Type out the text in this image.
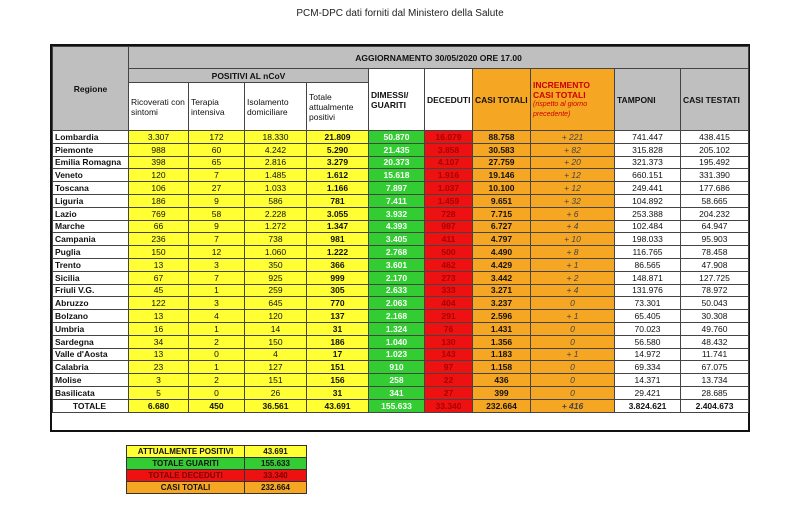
PCM-DPC dati forniti dal Ministero della Salute
Regione	AGGIORNAMENTO 30/05/2020 ORE 17.00									
	POSITIVI AL nCoV				DIMESSI/ GUARITI	DECEDUTI	CASI TOTALI	INCREMENTO CASI TOTALI
(rispetto al giorno precedente)	TAMPONI	CASI TESTATI
	Ricoverati con sintomi	Terapia intensiva	Isolamento domiciliare	Totale attualmente positivi						
Lombardia	3.307	172	18.330	21.809	50.870	16.079	88.758	+ 221	741.447	438.415
Piemonte	988	60	4.242	5.290	21.435	3.858	30.583	+ 82	315.828	205.102
Emilia Romagna	398	65	2.816	3.279	20.373	4.107	27.759	+ 20	321.373	195.492
Veneto	120	7	1.485	1.612	15.618	1.916	19.146	+ 12	660.151	331.390
Toscana	106	27	1.033	1.166	7.897	1.037	10.100	+ 12	249.441	177.686
Liguria	186	9	586	781	7.411	1.459	9.651	+ 32	104.892	58.665
Lazio	769	58	2.228	3.055	3.932	728	7.715	+ 6	253.388	204.232
Marche	66	9	1.272	1.347	4.393	987	6.727	+ 4	102.484	64.947
Campania	236	7	738	981	3.405	411	4.797	+ 10	198.033	95.903
Puglia	150	12	1.060	1.222	2.768	500	4.490	+ 8	116.765	78.458
Trento	13	3	350	366	3.601	462	4.429	+ 1	86.565	47.908
Sicilia	67	7	925	999	2.170	273	3.442	+ 2	148.871	127.725
Friuli V.G.	45	1	259	305	2.633	333	3.271	+ 4	131.976	78.972
Abruzzo	122	3	645	770	2.063	404	3.237	0	73.301	50.043
Bolzano	13	4	120	137	2.168	291	2.596	+ 1	65.405	30.308
Umbria	16	1	14	31	1.324	76	1.431	0	70.023	49.760
Sardegna	34	2	150	186	1.040	130	1.356	0	56.580	48.432
Valle d'Aosta	13	0	4	17	1.023	143	1.183	+ 1	14.972	11.741
Calabria	23	1	127	151	910	97	1.158	0	69.334	67.075
Molise	3	2	151	156	258	22	436	0	14.371	13.734
Basilicata	5	0	26	31	341	27	399	0	29.421	28.685
TOTALE	6.680	450	36.561	43.691	155.633	33.340	232.664	+ 416	3.824.621	2.404.673
ATTUALMENTE POSITIVI	43.691
TOTALE GUARITI	155.633
TOTALE DECEDUTI	33.340
CASI TOTALI	232.664
